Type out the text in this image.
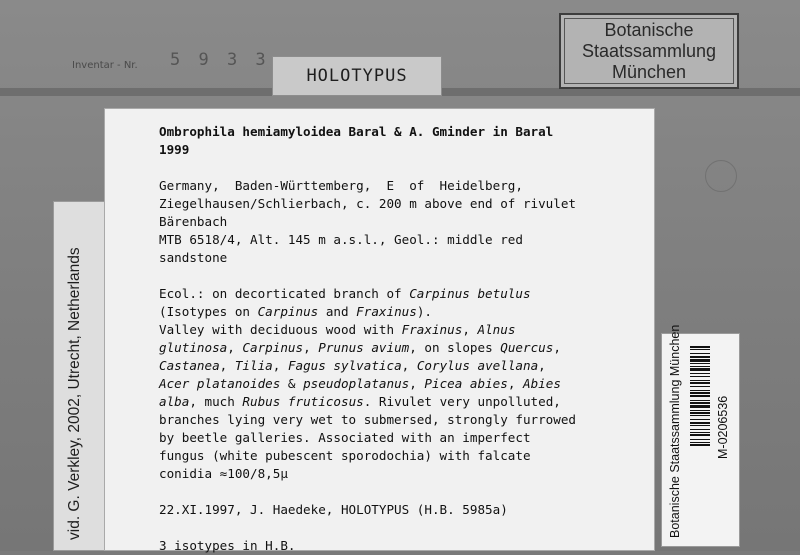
Inventar - Nr. 5 9 3 3
HOLOTYPUS
Botanische
Staatssammlung
München
vid. G. Verkley, 2002, Utrecht, Netherlands

Ombrophila hemiamyloidea Baral & A. Gminder in Baral

1999

Germany,  Baden-Württemberg,  E  of  Heidelberg,

Ziegelhausen/Schlierbach, c. 200 m above end of rivulet

Bärenbach

MTB 6518/4, Alt. 145 m a.s.l., Geol.: middle red

sandstone

Ecol.: on decorticated branch of Carpinus betulus

(Isotypes on Carpinus and Fraxinus).

Valley with deciduous wood with Fraxinus, Alnus

glutinosa, Carpinus, Prunus avium, on slopes Quercus,

Castanea, Tilia, Fagus sylvatica, Corylus avellana,

Acer platanoides & pseudoplatanus, Picea abies, Abies

alba, much Rubus fruticosus. Rivulet very unpolluted,

branches lying very wet to submersed, strongly furrowed

by beetle galleries. Associated with an imperfect

fungus (white pubescent sporodochia) with falcate

conidia ≈100/8,5µ

22.XI.1997, J. Haedeke, HOLOTYPUS (H.B. 5985a)

3 isotypes in H.B.

Botanische Staatssammlung München	M-0206536
